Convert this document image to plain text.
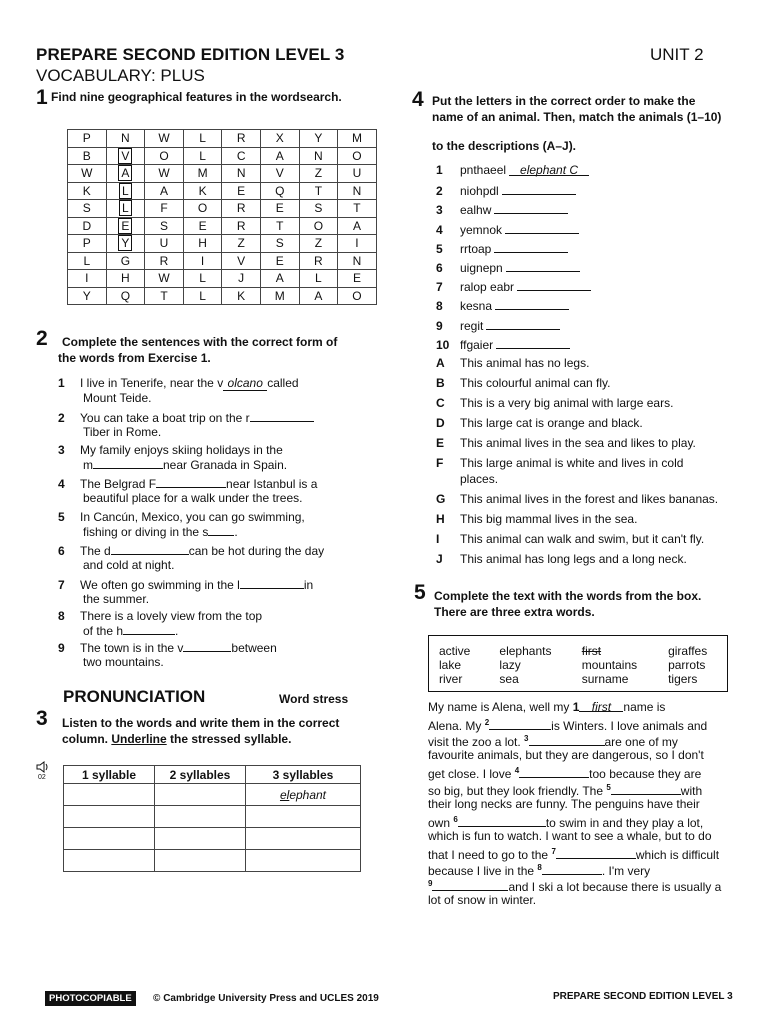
PREPARE SECOND EDITION LEVEL 3
VOCABULARY: PLUS
UNIT 2
1 Find nine geographical features in the wordsearch.
P	N	W	L	R	X	Y	M
B	V	O	L	C	A	N	O
W	A	W	M	N	V	Z	U
K	L	A	K	E	Q	T	N
S	L	F	O	R	E	S	T
D	E	S	E	R	T	O	A
P	Y	U	H	Z	S	Z	I
L	G	R	I	V	E	R	N
I	H	W	L	J	A	L	E
Y	Q	T	L	K	M	A	O
2 Complete the sentences with the correct form of
the words from Exercise 1.
1 I live in Tenerife, near the v olcano called
Mount Teide.
2 You can take a boat trip on the r
Tiber in Rome.
3 My family enjoys skiing holidays in the
m	near Granada in Spain.
4 The Belgrad F	near Istanbul is a
beautiful place for a walk under the trees.
5 In Cancún, Mexico, you can go swimming,
fishing or diving in the s .
6 The d	can be hot during the day
and cold at night.
7 We often go swimming in the l	in
the summer.
8 There is a lovely view from the top
of the h	.
9 The town is in the v	between
two mountains.
PRONUNCIATION	Word stress
3 Listen to the words and write them in the correct
column. Underline the stressed syllable.
02	1 syllable	2 syllables	3 syllables
		elephant

4 Put the letters in the correct order to make the
name of an animal. Then, match the animals (1–10)
to the descriptions (A–J).
1 pnthaeel elephant C
2 niohpdl
3 ealhw
4 yemnok
5 rrtoap
6 uignepn
7 ralop eabr
8 kesna
9 regit
10 ffgaier
A This animal has no legs.
B This colourful animal can fly.
C This is a very big animal with large ears.
D This large cat is orange and black.
E This animal lives in the sea and likes to play.
F This large animal is white and lives in cold
places.
G This animal lives in the forest and likes bananas.
H This big mammal lives in the sea.
I This animal can walk and swim, but it can't fly.
J This animal has long legs and a long neck.
5 Complete the text with the words from the box.
There are three extra words.
active	elephants	first	giraffes
lake	lazy	mountains	parrots
river	sea	surname	tigers
My name is Alena, well my 1 first name is
Alena. My $^2$	is Winters. I love animals and
visit the zoo a lot. $^3$	are one of my
favourite animals, but they are dangerous, so I don't
get close. I love $^4$	too because they are
so big, but they look friendly. The $^5$	with
their long necks are funny. The penguins have their
own $^6$	to swim in and they play a lot,
which is fun to watch. I want to see a whale, but to do
that I need to go to the $^7$	which is difficult
because I live in the $^8$	. I'm very
$^9$	and I ski a lot because there is usually a
lot of snow in winter.
PHOTOCOPIABLE © Cambridge University Press and UCLES 2019	PREPARE SECOND EDITION LEVEL 3
